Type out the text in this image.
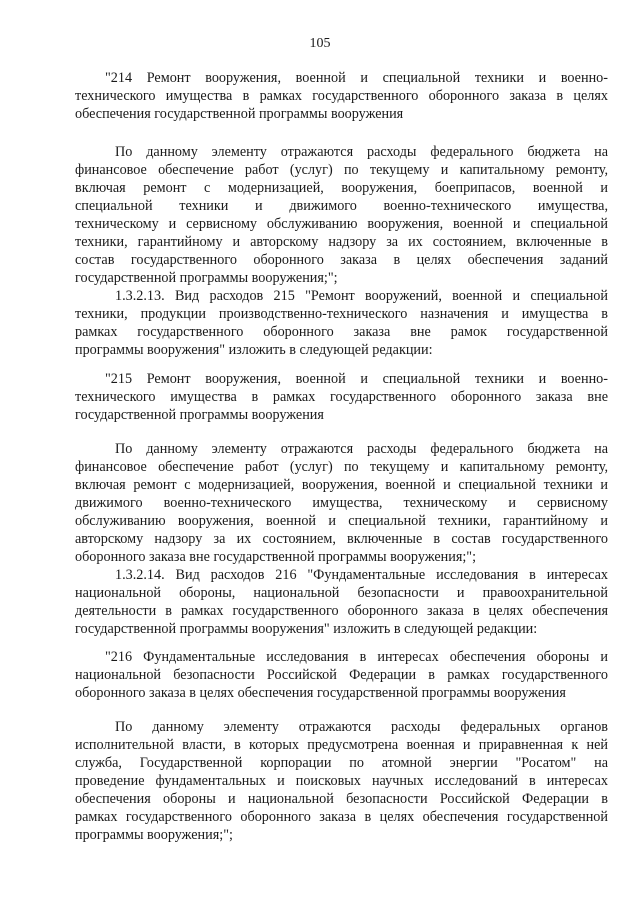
105
"214 Ремонт вооружения, военной и специальной техники и военно-
технического имущества в рамках государственного оборонного заказа в целях
обеспечения государственной программы вооружения
По данному элементу отражаются расходы федерального бюджета на
финансовое обеспечение работ (услуг) по текущему и капитальному ремонту,
включая ремонт с модернизацией, вооружения, боеприпасов, военной и
специальной техники и движимого военно-технического имущества,
техническому и сервисному обслуживанию вооружения, военной и специальной
техники, гарантийному и авторскому надзору за их состоянием, включенные в
состав государственного оборонного заказа в целях обеспечения заданий
государственной программы вооружения;";
1.3.2.13. Вид расходов 215 "Ремонт вооружений, военной и специальной
техники, продукции производственно-технического назначения и имущества в
рамках государственного оборонного заказа вне рамок государственной
программы вооружения" изложить в следующей редакции:
"215 Ремонт вооружения, военной и специальной техники и военно-
технического имущества в рамках государственного оборонного заказа вне
государственной программы вооружения
По данному элементу отражаются расходы федерального бюджета на
финансовое обеспечение работ (услуг) по текущему и капитальному ремонту,
включая ремонт с модернизацией, вооружения, военной и специальной техники и
движимого военно-технического имущества, техническому и сервисному
обслуживанию вооружения, военной и специальной техники, гарантийному и
авторскому надзору за их состоянием, включенные в состав государственного
оборонного заказа вне государственной программы вооружения;";
1.3.2.14. Вид расходов 216 "Фундаментальные исследования в интересах
национальной обороны, национальной безопасности и правоохранительной
деятельности в рамках государственного оборонного заказа в целях обеспечения
государственной программы вооружения" изложить в следующей редакции:
"216 Фундаментальные исследования в интересах обеспечения обороны и
национальной безопасности Российской Федерации в рамках государственного
оборонного заказа в целях обеспечения государственной программы вооружения
По данному элементу отражаются расходы федеральных органов
исполнительной власти, в которых предусмотрена военная и приравненная к ней
служба, Государственной корпорации по атомной энергии "Росатом" на
проведение фундаментальных и поисковых научных исследований в интересах
обеспечения обороны и национальной безопасности Российской Федерации в
рамках государственного оборонного заказа в целях обеспечения государственной
программы вооружения;";
